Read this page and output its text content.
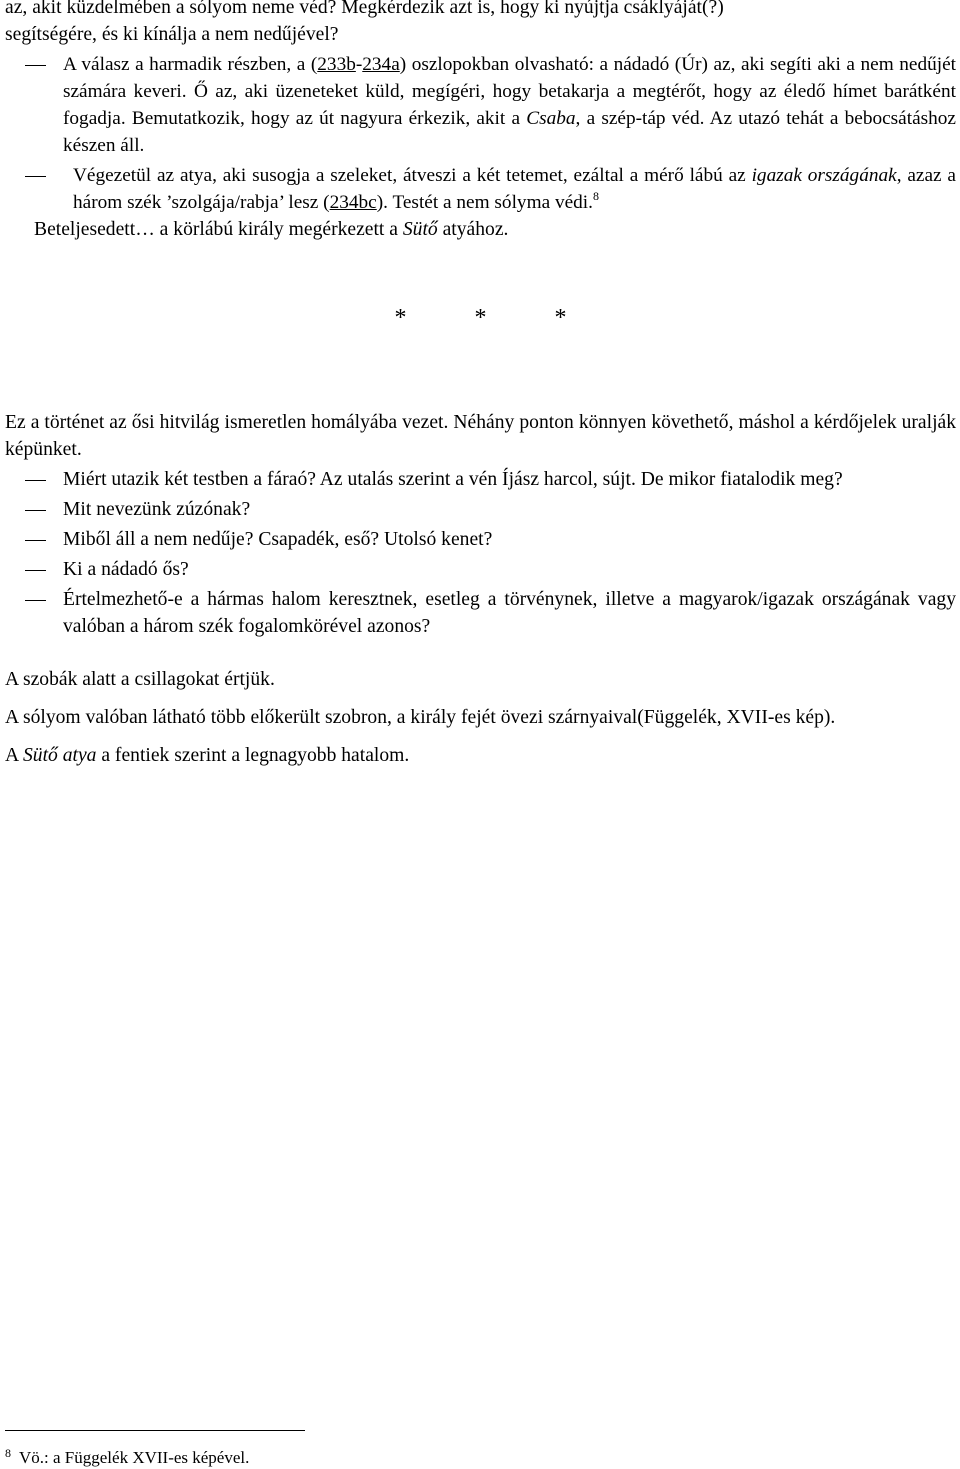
az, akit küzdelmében a sólyom neme véd? Megkérdezik azt is, hogy ki nyújtja csáklyáját(?)
segítségére, és ki kínálja a nem nedűjével?
A válasz a harmadik részben, a (233b-234a) oszlopokban olvasható: a nádadó (Úr) az, aki segíti aki a nem nedűjét számára keveri. Ő az, aki üzeneteket küld, megígéri, hogy betakarja a megtérőt, hogy az éledő hímet barátként fogadja. Bemutatkozik, hogy az út nagyura érkezik, akit a Csaba, a szép-táp véd. Az utazó tehát a bebocsátáshoz készen áll.
Végezetül az atya, aki susogja a szeleket, átveszi a két tetemet, ezáltal a mérő lábú az igazak országának, azaz a három szék ’szolgája/rabja’ lesz (234bc). Testét a nem sólyma védi.$^8$
Beteljesedett… a körlábú király megérkezett a Sütő atyához.
*	*	*
Ez a történet az ősi hitvilág ismeretlen homályába vezet. Néhány ponton könnyen követhető, máshol a kérdőjelek uralják képünket.
Miért utazik két testben a fáraó? Az utalás szerint a vén Íjász harcol, sújt. De mikor fiatalodik meg?
Mit nevezünk zúzónak?
Miből áll a nem nedűje? Csapadék, eső? Utolsó kenet?
Ki a nádadó ős?
Értelmezhető-e a hármas halom keresztnek, esetleg a törvénynek, illetve a magyarok/igazak országának vagy valóban a három szék fogalomkörével azonos?
A szobák alatt a csillagokat értjük.
A sólyom valóban látható több előkerült szobron, a király fejét övezi szárnyaival(Függelék, XVII-es kép).
A Sütő atya a fentiek szerint a legnagyobb hatalom.
$^8$ Vö.: a Függelék XVII-es képével.
